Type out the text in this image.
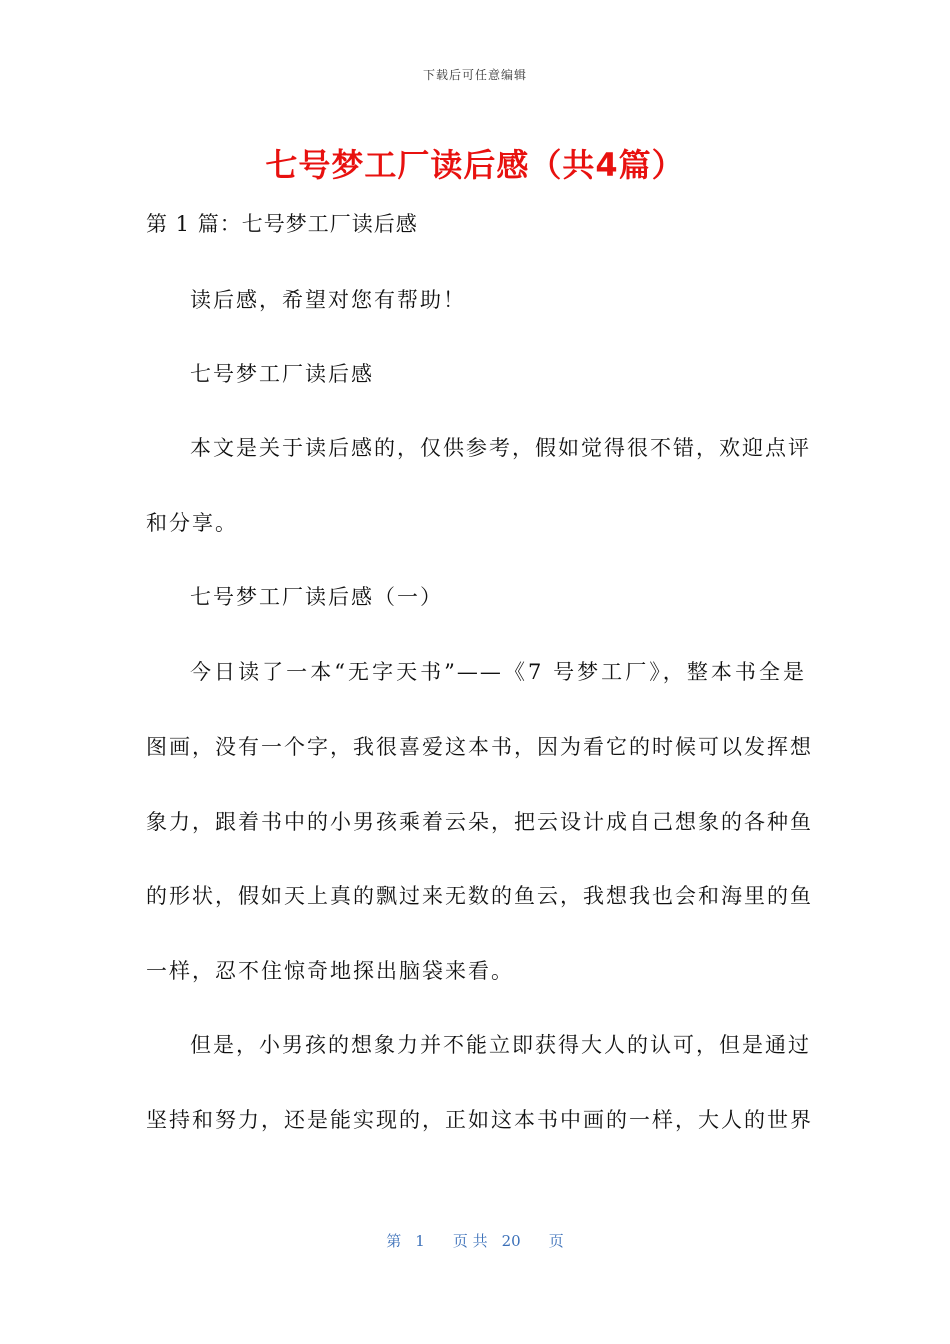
下载后可任意编辑
七号梦工厂读后感（共4篇）
第 1 篇：七号梦工厂读后感
读后感，希望对您有帮助！
七号梦工厂读后感
本文是关于读后感的，仅供参考，假如觉得很不错，欢迎点评
和分享。
七号梦工厂读后感（一）
今日读了一本“无字天书”——《7 号梦工厂》，整本书全是
图画，没有一个字，我很喜爱这本书，因为看它的时候可以发挥想
象力，跟着书中的小男孩乘着云朵，把云设计成自己想象的各种鱼
的形状，假如天上真的飘过来无数的鱼云，我想我也会和海里的鱼
一样，忍不住惊奇地探出脑袋来看。
但是，小男孩的想象力并不能立即获得大人的认可，但是通过
坚持和努力，还是能实现的，正如这本书中画的一样，大人的世界
第 1 页 共 20 页
